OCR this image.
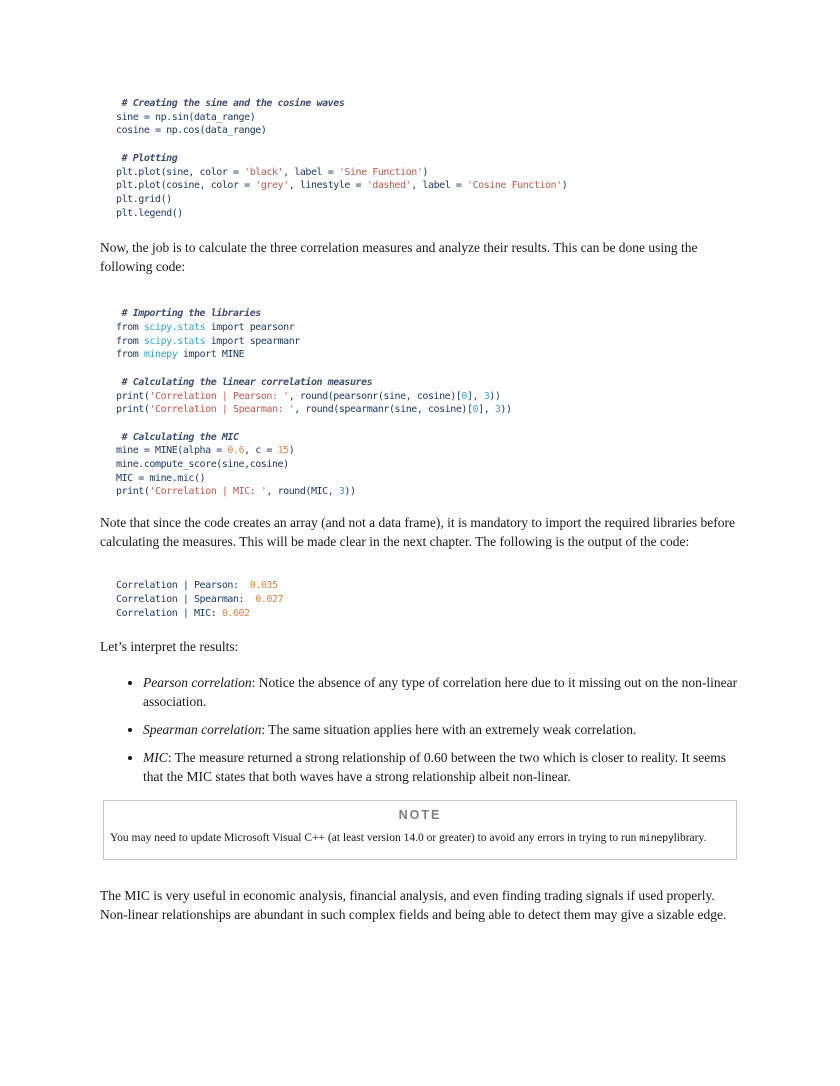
# Creating the sine and the cosine waves
sine = np.sin(data_range)
cosine = np.cos(data_range)

# Plotting
plt.plot(sine, color = 'black', label = 'Sine Function')
plt.plot(cosine, color = 'grey', linestyle = 'dashed', label = 'Cosine Function')
plt.grid()
plt.legend()

Now, the job is to calculate the three correlation measures and analyze their results. This can be done using the following code:

# Importing the libraries
from scipy.stats import pearsonr
from scipy.stats import spearmanr
from minepy import MINE

# Calculating the linear correlation measures
print('Correlation | Pearson: ', round(pearsonr(sine, cosine)[0], 3))
print('Correlation | Spearman: ', round(spearmanr(sine, cosine)[0], 3))

# Calculating the MIC
mine = MINE(alpha = 0.6, c = 15)
mine.compute_score(sine,cosine)
MIC = mine.mic()
print('Correlation | MIC: ', round(MIC, 3))

Note that since the code creates an array (and not a data frame), it is mandatory to import the required libraries before calculating the measures. This will be made clear in the next chapter. The following is the output of the code:

Correlation | Pearson:  0.035
Correlation | Spearman:  0.027
Correlation | MIC: 0.602

Let’s interpret the results:

• Pearson correlation: Notice the absence of any type of correlation here due to it missing out on the non-linear association.
• Spearman correlation: The same situation applies here with an extremely weak correlation.
• MIC: The measure returned a strong relationship of 0.60 between the two which is closer to reality. It seems that the MIC states that both waves have a strong relationship albeit non-linear.
NOTE
You may need to update Microsoft Visual C++ (at least version 14.0 or greater) to avoid any errors in trying to run minepylibrary.

The MIC is very useful in economic analysis, financial analysis, and even finding trading signals if used properly. Non-linear relationships are abundant in such complex fields and being able to detect them may give a sizable edge.
